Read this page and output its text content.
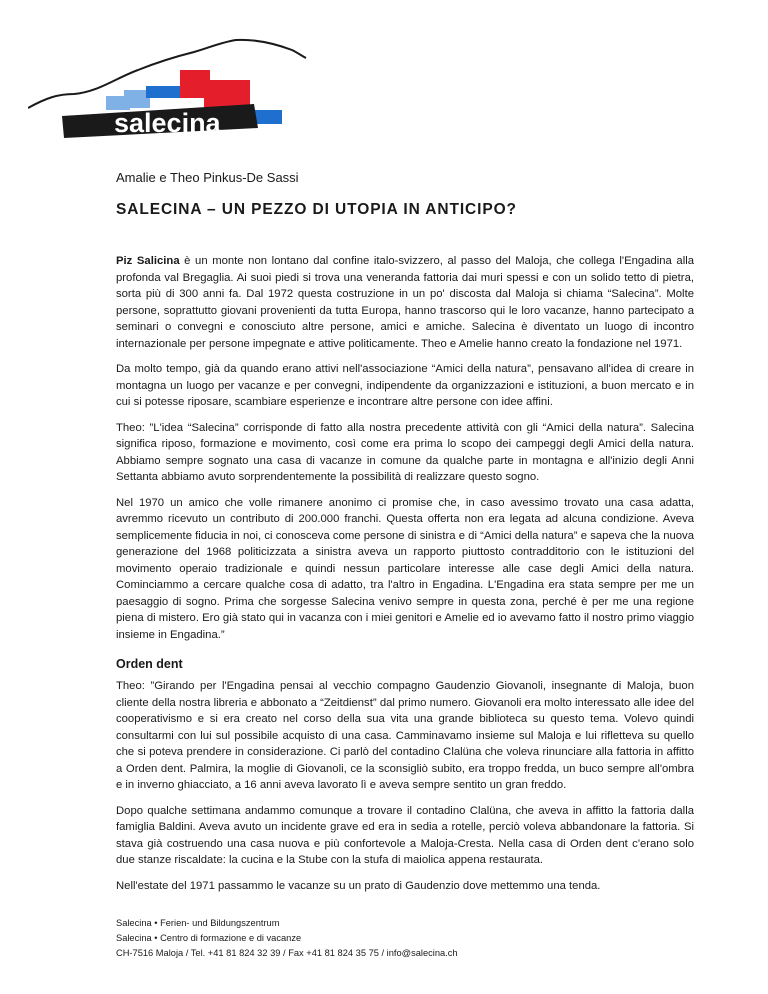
salecina

Amalie e Theo Pinkus-De Sassi

SALECINA – UN PEZZO DI UTOPIA IN ANTICIPO?

Piz Salicina è un monte non lontano dal confine italo-svizzero, al passo del Maloja, che collega l'Engadina alla profonda val Bregaglia. Ai suoi piedi si trova una veneranda fattoria dai muri spessi e con un solido tetto di pietra, sorta più di 300 anni fa. Dal 1972 questa costruzione in un po' discosta dal Maloja si chiama “Salecina”. Molte persone, soprattutto giovani provenienti da tutta Europa, hanno trascorso qui le loro vacanze, hanno partecipato a seminari o convegni e conosciuto altre persone, amici e amiche. Salecina è diventato un luogo di incontro internazionale per persone impegnate e attive politicamente. Theo e Amelie hanno creato la fondazione nel 1971.

Da molto tempo, già da quando erano attivi nell'associazione “Amici della natura”, pensavano all'idea di creare in montagna un luogo per vacanze e per convegni, indipendente da organizzazioni e istituzioni, a buon mercato e in cui si potesse riposare, scambiare esperienze e incontrare altre persone con idee affini.

Theo: ”L'idea “Salecina” corrisponde di fatto alla nostra precedente attività con gli “Amici della natura”. Salecina significa riposo, formazione e movimento, così come era prima lo scopo dei campeggi degli Amici della natura. Abbiamo sempre sognato una casa di vacanze in comune da qualche parte in montagna e all'inizio degli Anni Settanta abbiamo avuto sorprendentemente la possibilità di realizzare questo sogno.

Nel 1970 un amico che volle rimanere anonimo ci promise che, in caso avessimo trovato una casa adatta, avremmo ricevuto un contributo di 200.000 franchi. Questa offerta non era legata ad alcuna condizione. Aveva semplicemente fiducia in noi, ci conosceva come persone di sinistra e di “Amici della natura” e sapeva che la nuova generazione del 1968 politicizzata a sinistra aveva un rapporto piuttosto contradditorio con le istituzioni del movimento operaio tradizionale e quindi nessun particolare interesse alle case degli Amici della natura. Cominciammo a cercare qualche cosa di adatto, tra l'altro in Engadina. L'Engadina era stata sempre per me un paesaggio di sogno. Prima che sorgesse Salecina venivo sempre in questa zona, perché è per me una regione piena di mistero. Ero già stato qui in vacanza con i miei genitori e Amelie ed io avevamo fatto il nostro primo viaggio insieme in Engadina.”

Orden dent

Theo: ”Girando per l'Engadina pensai al vecchio compagno Gaudenzio Giovanoli, insegnante di Maloja, buon cliente della nostra libreria e abbonato a “Zeitdienst” dal primo numero. Giovanoli era molto interessato alle idee del cooperativismo e si era creato nel corso della sua vita una grande biblioteca su questo tema. Volevo quindi consultarmi con lui sul possibile acquisto di una casa. Camminavamo insieme sul Maloja e lui rifletteva su quello che si poteva prendere in considerazione. Ci parlò del contadino Clalüna che voleva rinunciare alla fattoria in affitto a Orden dent. Palmira, la moglie di Giovanoli, ce la sconsigliò subito, era troppo fredda, un buco sempre all'ombra e in inverno ghiacciato, a 16 anni aveva lavorato lì e aveva sempre sentito un gran freddo.

Dopo qualche settimana andammo comunque a trovare il contadino Clalüna, che aveva in affitto la fattoria dalla famiglia Baldini. Aveva avuto un incidente grave ed era in sedia a rotelle, perciò voleva abbandonare la fattoria. Si stava già costruendo una casa nuova e più confortevole a Maloja-Cresta. Nella casa di Orden dent c'erano solo due stanze riscaldate: la cucina e la Stube con la stufa di maiolica appena restaurata.

Nell'estate del 1971 passammo le vacanze su un prato di Gaudenzio dove mettemmo una tenda.

Salecina • Ferien- und Bildungszentrum
Salecina • Centro di formazione e di vacanze
CH-7516 Maloja / Tel. +41 81 824 32 39 / Fax +41 81 824 35 75 / info@salecina.ch
